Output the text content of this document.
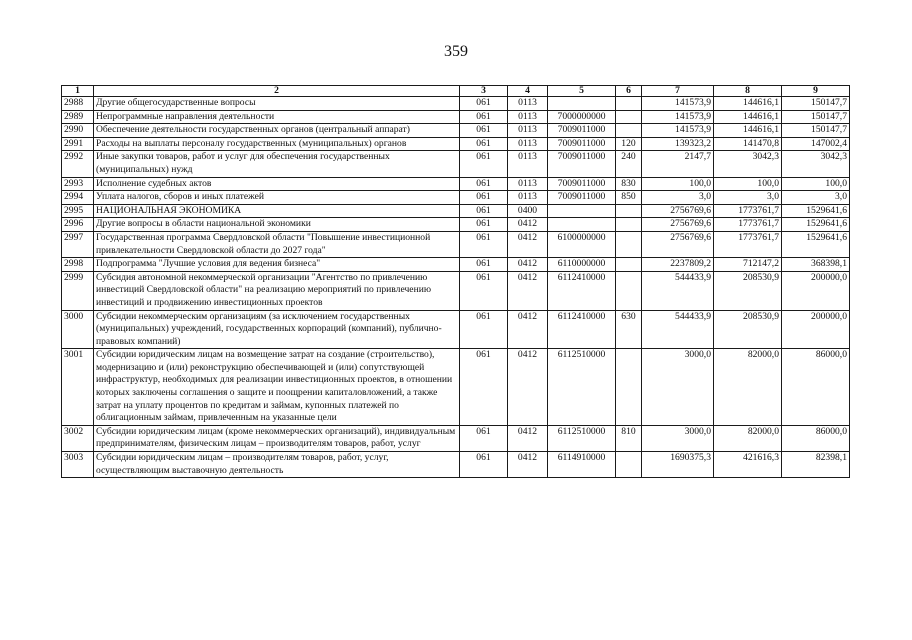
359
1	2	3	4	5	6	7	8	9
2988	Другие общегосударственные вопросы	061	0113			141573,9	144616,1	150147,7
2989	Непрограммные направления деятельности	061	0113	7000000000		141573,9	144616,1	150147,7
2990	Обеспечение деятельности государственных органов (центральный аппарат)	061	0113	7009011000		141573,9	144616,1	150147,7
2991	Расходы на выплаты персоналу государственных (муниципальных) органов	061	0113	7009011000	120	139323,2	141470,8	147002,4
2992	Иные закупки товаров, работ и услуг для обеспечения государственных (муниципальных) нужд	061	0113	7009011000	240	2147,7	3042,3	3042,3
2993	Исполнение судебных актов	061	0113	7009011000	830	100,0	100,0	100,0
2994	Уплата налогов, сборов и иных платежей	061	0113	7009011000	850	3,0	3,0	3,0
2995	НАЦИОНАЛЬНАЯ ЭКОНОМИКА	061	0400			2756769,6	1773761,7	1529641,6
2996	Другие вопросы в области национальной экономики	061	0412			2756769,6	1773761,7	1529641,6
2997	Государственная программа Свердловской области "Повышение инвестиционной привлекательности Свердловской области до 2027 года"	061	0412	6100000000		2756769,6	1773761,7	1529641,6
2998	Подпрограмма "Лучшие условия для ведения бизнеса"	061	0412	6110000000		2237809,2	712147,2	368398,1
2999	Субсидия автономной некоммерческой организации "Агентство по привлечению инвестиций Свердловской области" на реализацию мероприятий по привлечению инвестиций и продвижению инвестиционных проектов	061	0412	6112410000		544433,9	208530,9	200000,0
3000	Субсидии некоммерческим организациям (за исключением государственных (муниципальных) учреждений, государственных корпораций (компаний), публично-правовых компаний)	061	0412	6112410000	630	544433,9	208530,9	200000,0
3001	Субсидии юридическим лицам на возмещение затрат на создание (строительство), модернизацию и (или) реконструкцию обеспечивающей и (или) сопутствующей инфраструктур, необходимых для реализации инвестиционных проектов, в отношении которых заключены соглашения о защите и поощрении капиталовложений, а также затрат на уплату процентов по кредитам и займам, купонных платежей по облигационным займам, привлеченным на указанные цели	061	0412	6112510000		3000,0	82000,0	86000,0
3002	Субсидии юридическим лицам (кроме некоммерческих организаций), индивидуальным предпринимателям, физическим лицам – производителям товаров, работ, услуг	061	0412	6112510000	810	3000,0	82000,0	86000,0
3003	Субсидии юридическим лицам – производителям товаров, работ, услуг, осуществляющим выставочную деятельность	061	0412	6114910000		1690375,3	421616,3	82398,1
